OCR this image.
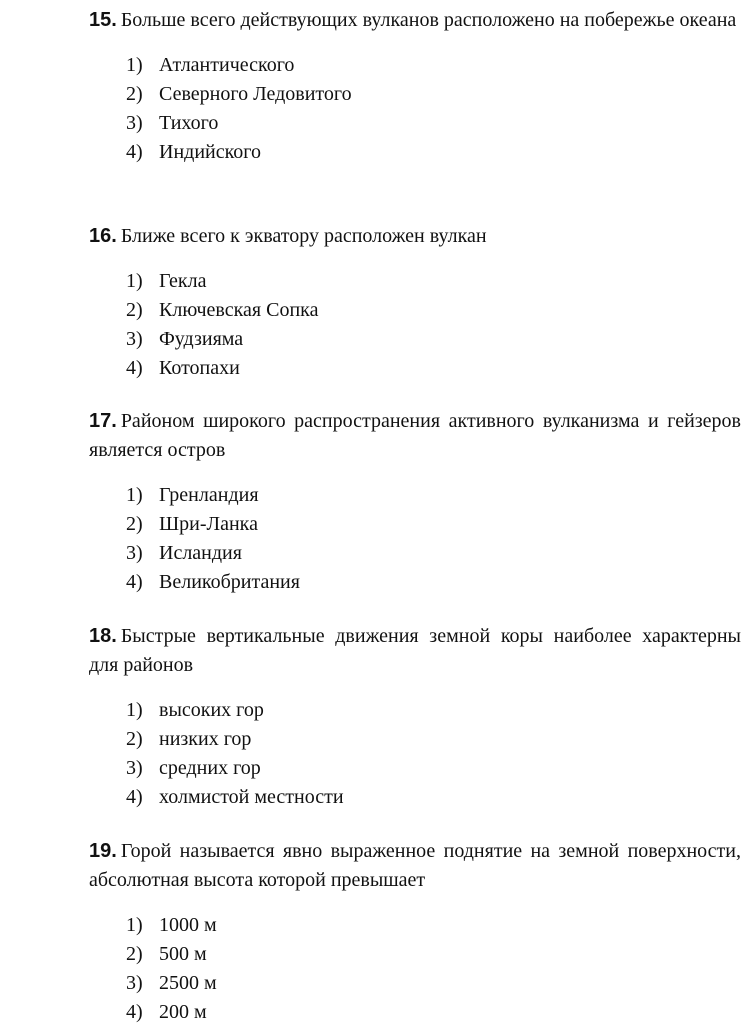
15. Больше всего действующих вулканов расположено на побережье океана

1) Атлантического
2) Северного Ледовитого
3) Тихого
4) Индийского

16. Ближе всего к экватору расположен вулкан

1) Гекла
2) Ключевская Сопка
3) Фудзияма
4) Котопахи

17. Районом широкого распространения активного вулканизма и гейзеров является остров

1) Гренландия
2) Шри-Ланка
3) Исландия
4) Великобритания

18. Быстрые вертикальные движения земной коры наиболее характерны для районов

1) высоких гор
2) низких гор
3) средних гор
4) холмистой местности

19. Горой называется явно выраженное поднятие на земной поверхности, абсолютная высота которой превышает

1) 1000 м
2) 500 м
3) 2500 м
4) 200 м
